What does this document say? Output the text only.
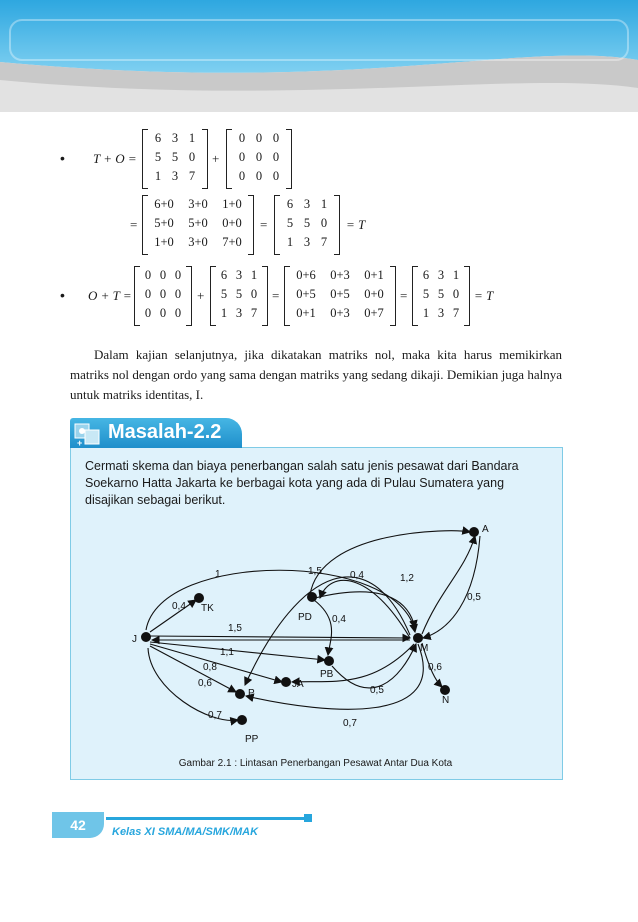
• T + O =
6 3 1
5 5 0
1 3 7
+
0 0 0
0 0 0
0 0 0
=
6+0	3+0	1+0
5+0	5+0	0+0
1+0	3+0	7+0
=
6 3 1
5 5 0
1 3 7
= T
• O + T =
0 0 0
0 0 0
0 0 0
+
6 3 1
5 5 0
1 3 7
=
0+6	0+3	0+1
0+5	0+5	0+0
0+1	0+3	0+7
=
6 3 1
5 5 0
1 3 7
= T

Dalam kajian selanjutnya, jika dikatakan matriks nol, maka kita harus memikirkan matriks nol dengan ordo yang sama dengan matriks yang sedang dikaji. Demikian juga halnya untuk matriks identitas, I.

+ Masalah-2.2
Cermati skema dan biaya penerbangan salah satu jenis pesawat dari Bandara Soekarno Hatta Jakarta ke berbagai kota yang ada di Pulau Sumatera yang disajikan sebagai berikut.
A
TK
PD
J
M
PB
JA
P
N
PP
1
0,4
1,5	0,4	1,2
0,5
0,4
1,5
1,1
0,8
0,6
0,6
0,5
0,7
0,7
Gambar 2.1 : Lintasan Penerbangan Pesawat Antar Dua Kota
42	Kelas XI SMA/MA/SMK/MAK
